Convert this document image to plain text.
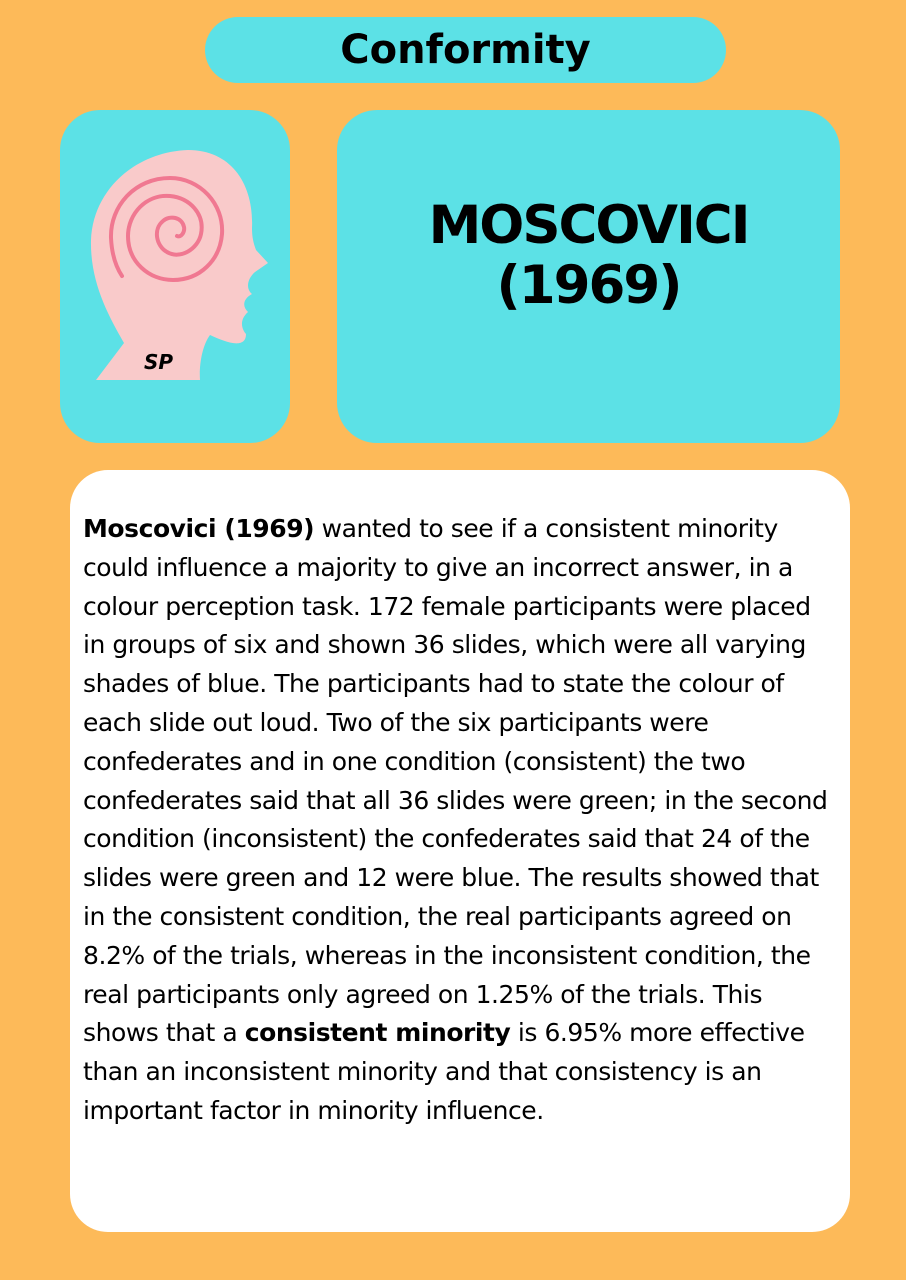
Conformity
SP
MOSCOVICI
(1969)

Moscovici (1969) wanted to see if a consistent minority could influence a majority to give an incorrect answer, in a colour perception task. 172 female participants were placed in groups of six and shown 36 slides, which were all varying shades of blue. The participants had to state the colour of each slide out loud. Two of the six participants were confederates and in one condition (consistent) the two confederates said that all 36 slides were green; in the second condition (inconsistent) the confederates said that 24 of the slides were green and 12 were blue. The results showed that in the consistent condition, the real participants agreed on 8.2% of the trials, whereas in the inconsistent condition, the real participants only agreed on 1.25% of the trials. This shows that a consistent minority is 6.95% more effective than an inconsistent minority and that consistency is an important factor in minority influence.
